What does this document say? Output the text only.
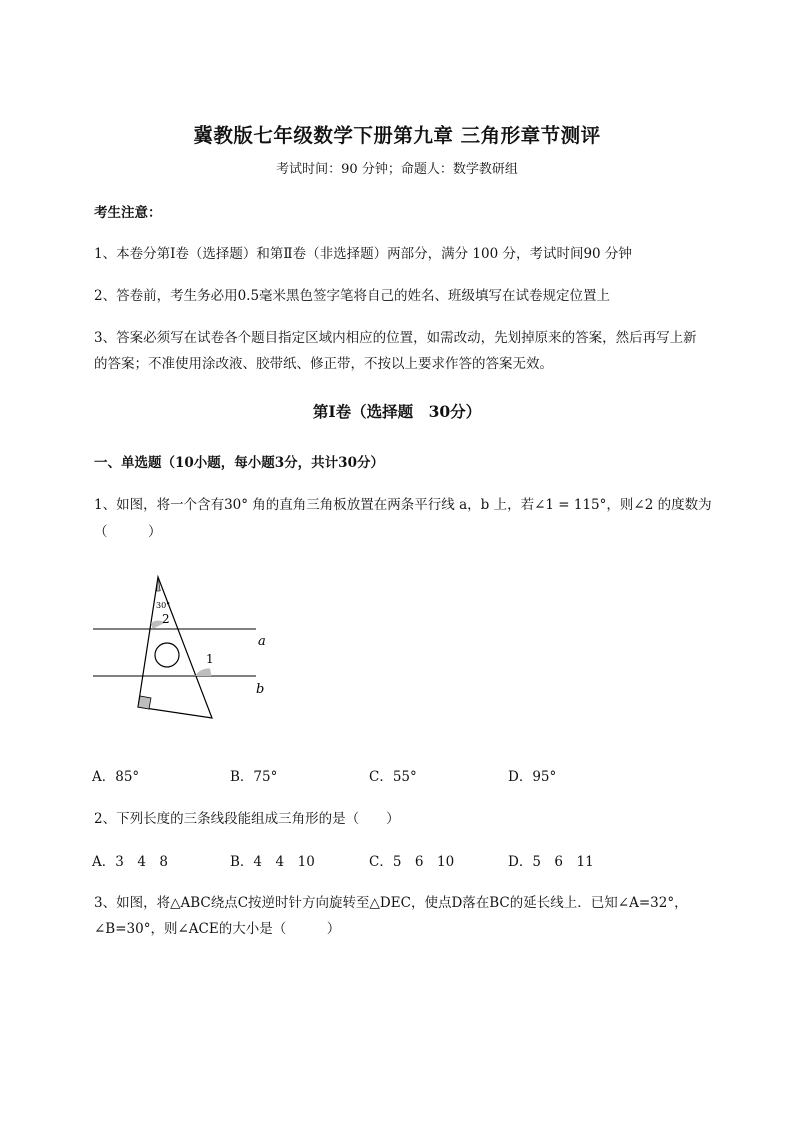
冀教版七年级数学下册第九章 三角形章节测评
考试时间：90 分钟；命题人：数学教研组
考生注意：
1、本卷分第Ⅰ卷（选择题）和第Ⅱ卷（非选择题）两部分，满分 100 分，考试时间90 分钟
2、答卷前，考生务必用0.5毫米黑色签字笔将自己的姓名、班级填写在试卷规定位置上
3、答案必须写在试卷各个题目指定区域内相应的位置，如需改动，先划掉原来的答案，然后再写上新
的答案；不准使用涂改液、胶带纸、修正带，不按以上要求作答的答案无效。
第Ⅰ卷（选择题　30分）
一、单选题（10小题，每小题3分，共计30分）
1、如图，将一个含有30° 角的直角三角板放置在两条平行线 a，b 上，若∠1 = 115°，则∠2 的度数为
（　　　）
30°
2
1
a
b
A．85°	B．75°	C．55°	D．95°
2、下列长度的三条线段能组成三角形的是（　　）
A．3　4　8	B．4　4　10	C．5　6　10	D．5　6　11
3、如图，将△ABC绕点C按逆时针方向旋转至△DEC，使点D落在BC的延长线上．已知∠A=32°，
∠B=30°，则∠ACE的大小是（　　　）
